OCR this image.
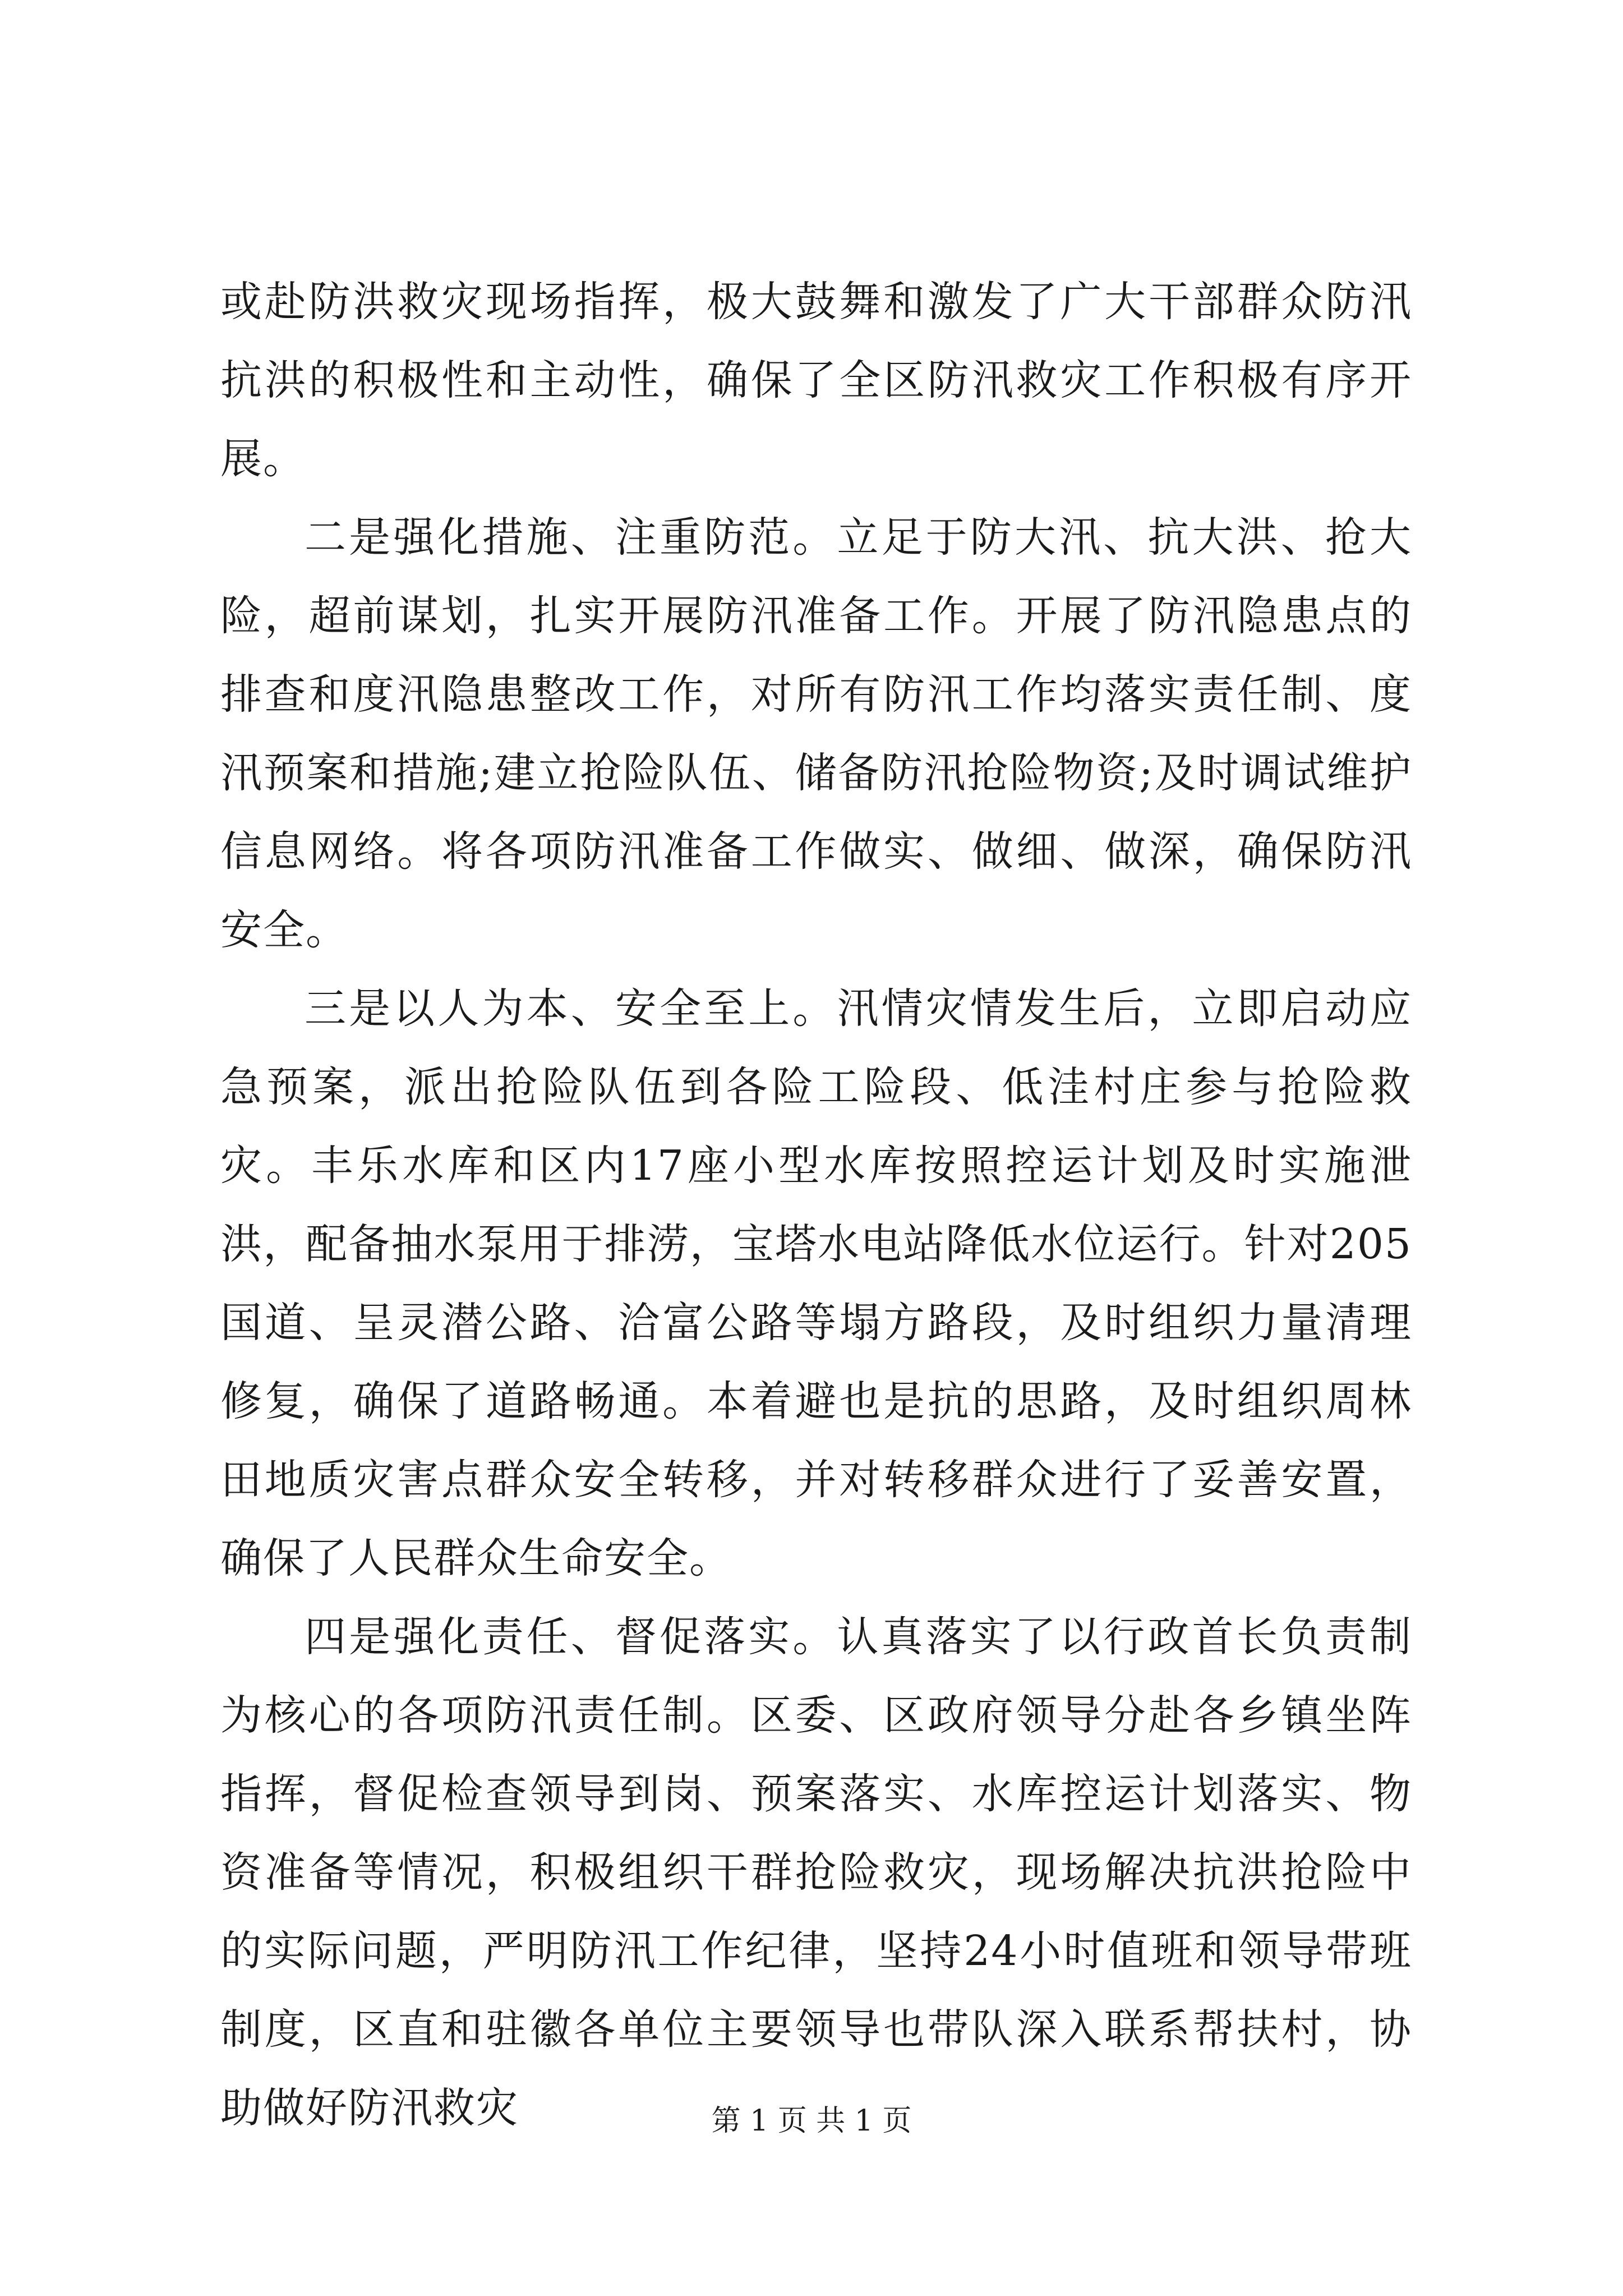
或赴防洪救灾现场指挥，极大鼓舞和激发了广大干部群众防汛抗洪的积极性和主动性，确保了全区防汛救灾工作积极有序开展。

二是强化措施、注重防范。立足于防大汛、抗大洪、抢大险，超前谋划，扎实开展防汛准备工作。开展了防汛隐患点的排查和度汛隐患整改工作，对所有防汛工作均落实责任制、度汛预案和措施;建立抢险队伍、储备防汛抢险物资;及时调试维护信息网络。将各项防汛准备工作做实、做细、做深，确保防汛安全。

三是以人为本、安全至上。汛情灾情发生后，立即启动应急预案，派出抢险队伍到各险工险段、低洼村庄参与抢险救灾。丰乐水库和区内17座小型水库按照控运计划及时实施泄洪，配备抽水泵用于排涝，宝塔水电站降低水位运行。针对205国道、呈灵潜公路、洽富公路等塌方路段，及时组织力量清理修复，确保了道路畅通。本着避也是抗的思路，及时组织周林田地质灾害点群众安全转移，并对转移群众进行了妥善安置，确保了人民群众生命安全。

四是强化责任、督促落实。认真落实了以行政首长负责制为核心的各项防汛责任制。区委、区政府领导分赴各乡镇坐阵指挥，督促检查领导到岗、预案落实、水库控运计划落实、物资准备等情况，积极组织干群抢险救灾，现场解决抗洪抢险中的实际问题，严明防汛工作纪律，坚持24小时值班和领导带班制度，区直和驻徽各单位主要领导也带队深入联系帮扶村，协助做好防汛救灾	第 1 页 共 1 页
